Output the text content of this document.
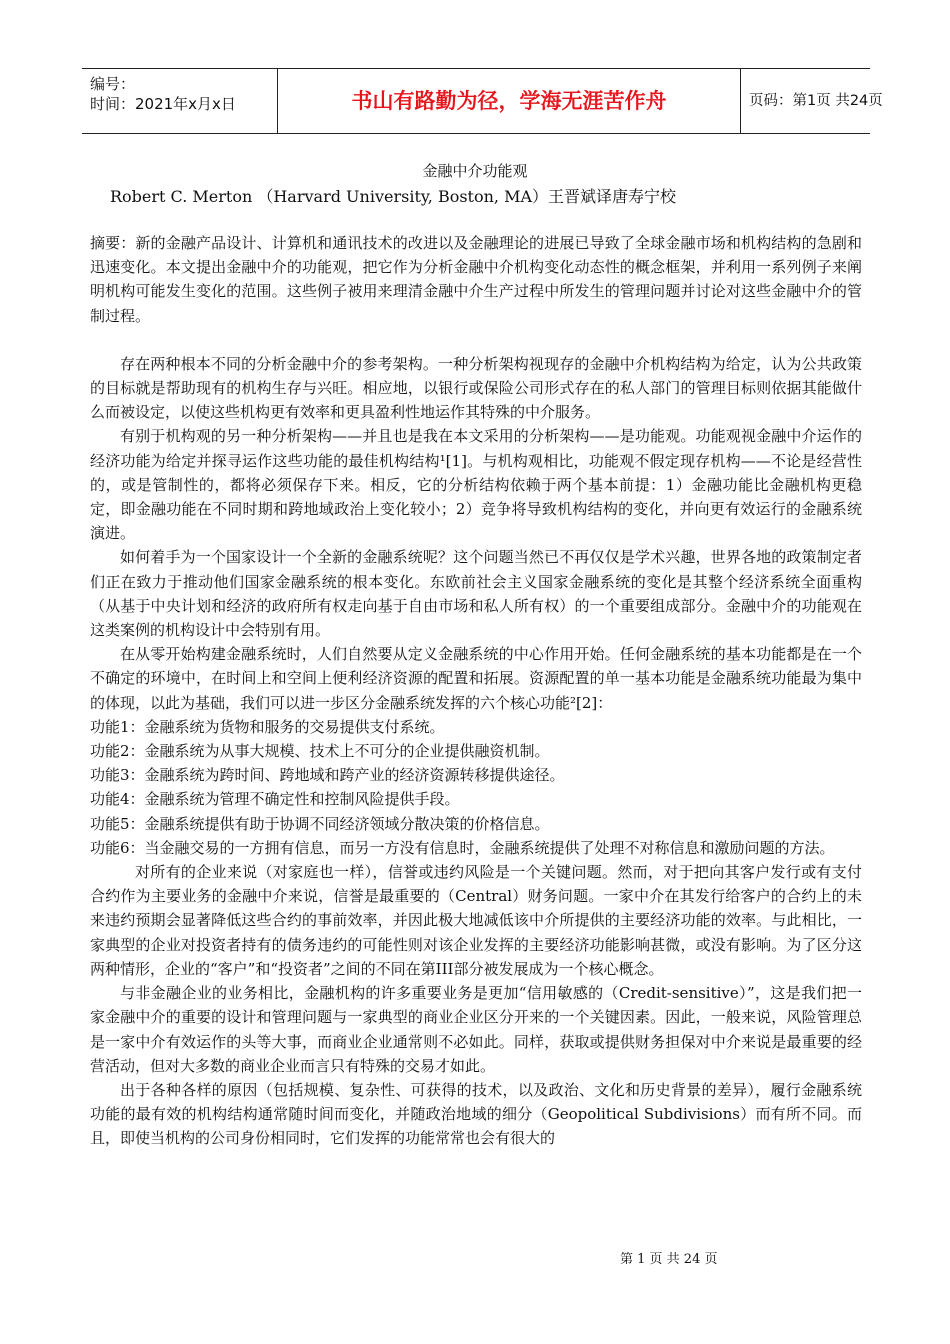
编号：
时间：2021年x月x日	书山有路勤为径，学海无涯苦作舟	页码：第1页 共24页
金融中介功能观
Robert C. Merton （Harvard University, Boston, MA）王晋斌译唐寿宁校

摘要：新的金融产品设计、计算机和通讯技术的改进以及金融理论的进展已导致了全球金融市场和机构结构的急剧和迅速变化。本文提出金融中介的功能观，把它作为分析金融中介机构变化动态性的概念框架，并利用一系列例子来阐明机构可能发生变化的范围。这些例子被用来理清金融中介生产过程中所发生的管理问题并讨论对这些金融中介的管制过程。

存在两种根本不同的分析金融中介的参考架构。一种分析架构视现存的金融中介机构结构为给定，认为公共政策的目标就是帮助现有的机构生存与兴旺。相应地，以银行或保险公司形式存在的私人部门的管理目标则依据其能做什么而被设定，以使这些机构更有效率和更具盈利性地运作其特殊的中介服务。

有别于机构观的另一种分析架构——并且也是我在本文采用的分析架构——是功能观。功能观视金融中介运作的经济功能为给定并探寻运作这些功能的最佳机构结构¹[1]。与机构观相比，功能观不假定现存机构——不论是经营性的，或是管制性的，都将必须保存下来。相反，它的分析结构依赖于两个基本前提：1）金融功能比金融机构更稳定，即金融功能在不同时期和跨地域政治上变化较小；2）竞争将导致机构结构的变化，并向更有效运行的金融系统演进。

如何着手为一个国家设计一个全新的金融系统呢？这个问题当然已不再仅仅是学术兴趣，世界各地的政策制定者们正在致力于推动他们国家金融系统的根本变化。东欧前社会主义国家金融系统的变化是其整个经济系统全面重构（从基于中央计划和经济的政府所有权走向基于自由市场和私人所有权）的一个重要组成部分。金融中介的功能观在这类案例的机构设计中会特别有用。

在从零开始构建金融系统时，人们自然要从定义金融系统的中心作用开始。任何金融系统的基本功能都是在一个不确定的环境中，在时间上和空间上便利经济资源的配置和拓展。资源配置的单一基本功能是金融系统功能最为集中的体现，以此为基础，我们可以进一步区分金融系统发挥的六个核心功能²[2]：

功能1：金融系统为货物和服务的交易提供支付系统。

功能2：金融系统为从事大规模、技术上不可分的企业提供融资机制。

功能3：金融系统为跨时间、跨地域和跨产业的经济资源转移提供途径。

功能4：金融系统为管理不确定性和控制风险提供手段。

功能5：金融系统提供有助于协调不同经济领域分散决策的价格信息。

功能6：当金融交易的一方拥有信息，而另一方没有信息时，金融系统提供了处理不对称信息和激励问题的方法。

对所有的企业来说（对家庭也一样），信誉或违约风险是一个关键问题。然而，对于把向其客户发行或有支付合约作为主要业务的金融中介来说，信誉是最重要的（Central）财务问题。一家中介在其发行给客户的合约上的未来违约预期会显著降低这些合约的事前效率，并因此极大地减低该中介所提供的主要经济功能的效率。与此相比，一家典型的企业对投资者持有的债务违约的可能性则对该企业发挥的主要经济功能影响甚微，或没有影响。为了区分这两种情形，企业的“客户”和“投资者”之间的不同在第III部分被发展成为一个核心概念。

与非金融企业的业务相比，金融机构的许多重要业务是更加“信用敏感的（Credit-sensitive）”，这是我们把一家金融中介的重要的设计和管理问题与一家典型的商业企业区分开来的一个关键因素。因此，一般来说，风险管理总是一家中介有效运作的头等大事，而商业企业通常则不必如此。同样，获取或提供财务担保对中介来说是最重要的经营活动，但对大多数的商业企业而言只有特殊的交易才如此。

出于各种各样的原因（包括规模、复杂性、可获得的技术，以及政治、文化和历史背景的差异），履行金融系统功能的最有效的机构结构通常随时间而变化，并随政治地域的细分（Geopolitical Subdivisions）而有所不同。而且，即使当机构的公司身份相同时，它们发挥的功能常常也会有很大的

第 1 页 共 24 页
